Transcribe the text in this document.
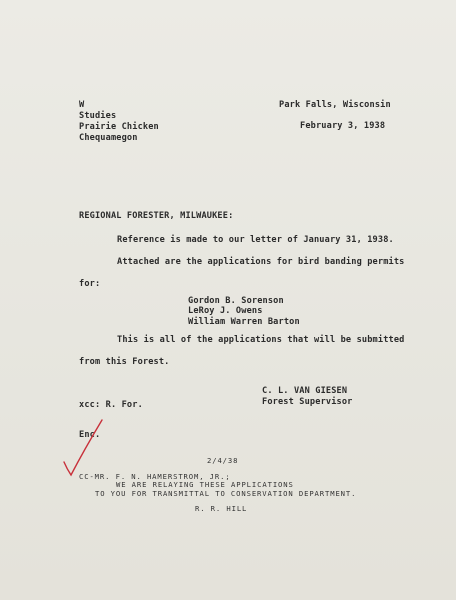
W
Studies
Prairie Chicken
Chequamegon
Park Falls, Wisconsin
February 3, 1938
REGIONAL FORESTER, MILWAUKEE:
Reference is made to our letter of January 31, 1938.
Attached are the applications for bird banding permits
for:
Gordon B. Sorenson
LeRoy J. Owens
William Warren Barton
This is all of the applications that will be submitted
from this Forest.
C. L. VAN GIESEN
Forest Supervisor
xcc: R. For.
Enc.
2/4/38
CC-MR. F. N. HAMERSTROM, JR.;
WE ARE RELAYING THESE APPLICATIONS
TO YOU FOR TRANSMITTAL TO CONSERVATION DEPARTMENT.
R. R. HILL
